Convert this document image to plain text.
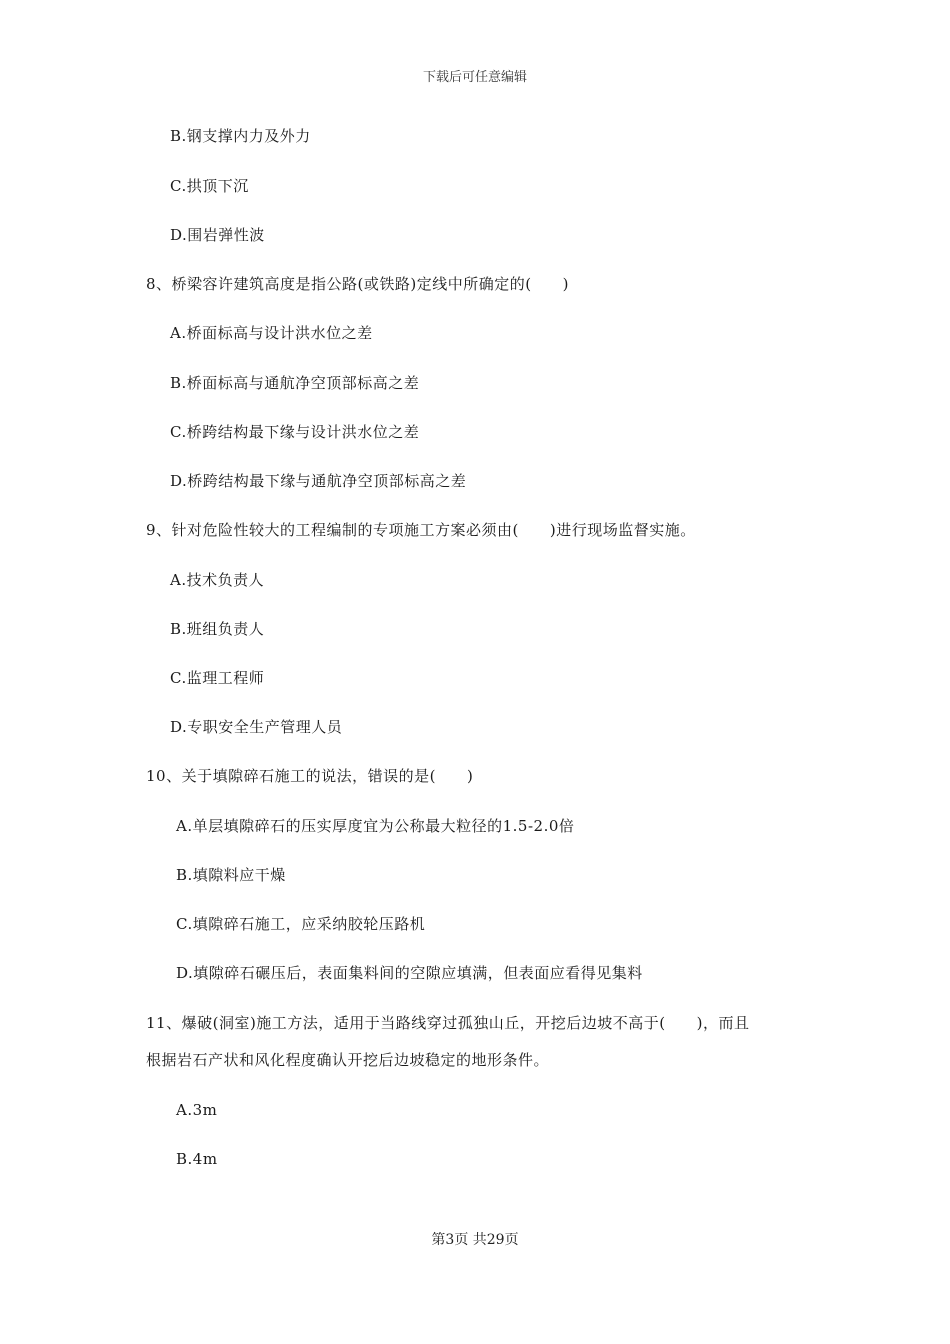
下载后可任意编辑
B.钢支撑内力及外力
C.拱顶下沉
D.围岩弹性波
8、桥梁容许建筑高度是指公路(或铁路)定线中所确定的(　　)
A.桥面标高与设计洪水位之差
B.桥面标高与通航净空顶部标高之差
C.桥跨结构最下缘与设计洪水位之差
D.桥跨结构最下缘与通航净空顶部标高之差
9、针对危险性较大的工程编制的专项施工方案必须由(　　)进行现场监督实施。
A.技术负责人
B.班组负责人
C.监理工程师
D.专职安全生产管理人员
10、关于填隙碎石施工的说法，错误的是(　　)
A.单层填隙碎石的压实厚度宜为公称最大粒径的1.5-2.0倍
B.填隙料应干燥
C.填隙碎石施工，应采纳胶轮压路机
D.填隙碎石碾压后，表面集料间的空隙应填满，但表面应看得见集料
11、爆破(洞室)施工方法，适用于当路线穿过孤独山丘，开挖后边坡不高于(　　)，而且
根据岩石产状和风化程度确认开挖后边坡稳定的地形条件。
A.3m
B.4m
第3页 共29页
